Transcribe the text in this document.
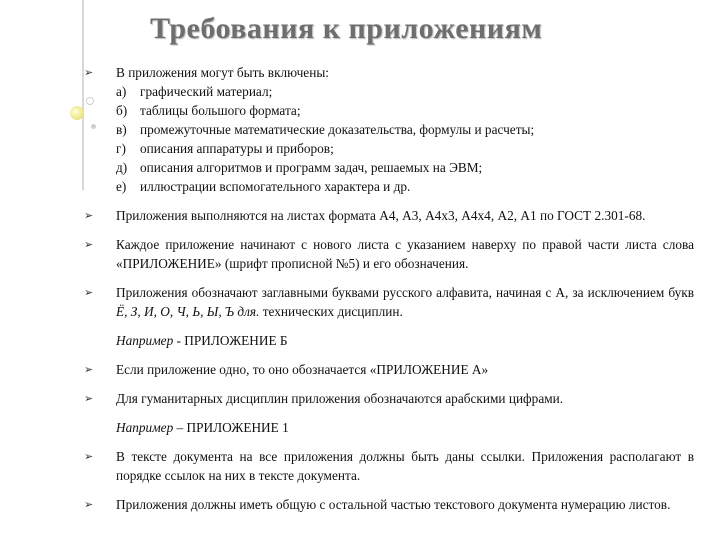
Требования к приложениям
➢ В приложения могут быть включены:
а)	графический материал;
б) таблицы большого формата;
в) промежуточные математические доказательства, формулы и расчеты;
г)	описания аппаратуры и приборов;
д) описания алгоритмов и программ задач, решаемых на ЭВМ;
е)	иллюстрации вспомогательного характера и др.
➢ Приложения выполняются на листах формата А4, А3, А4х3, А4х4, А2, А1 по ГОСТ 2.301-68.
➢ Каждое приложение начинают с нового листа с указанием наверху по правой части листа слова «ПРИЛОЖЕНИЕ» (шрифт прописной №5) и его обозначения.
➢ Приложения обозначают заглавными буквами русского алфавита, начиная с А, за исключением букв Ё, З, И, О, Ч, Ь, Ы, Ъ для. технических дисциплин.
Например - ПРИЛОЖЕНИЕ Б
➢ Если приложение одно, то оно обозначается «ПРИЛОЖЕНИЕ А»
➢ Для гуманитарных дисциплин приложения обозначаются арабскими цифрами.
Например – ПРИЛОЖЕНИЕ 1
➢ В тексте документа на все приложения должны быть даны ссылки. Приложения располагают в порядке ссылок на них в тексте документа.
➢ Приложения должны иметь общую с остальной частью текстового документа нумерацию листов.
